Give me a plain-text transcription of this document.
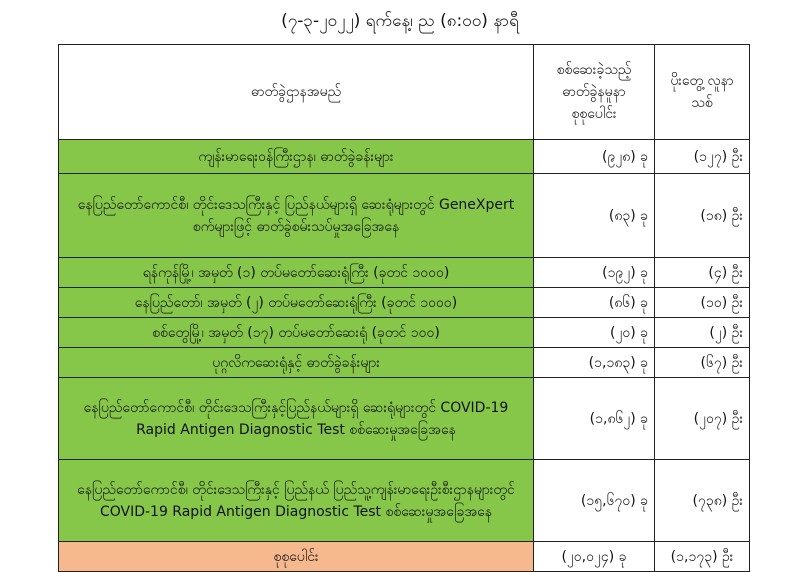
(၇-၃-၂၀၂၂) ရက်နေ့၊ ည (၈:၀၀) နာရီ
ဓာတ်ခွဲဌာနအမည်	စစ်ဆေးခဲ့သည့် ဓာတ်ခွဲနမူနာ စုစုပေါင်း	ပိုးတွေ့ လူနာသစ်
ကျန်းမာရေးဝန်ကြီးဌာန၊ ဓာတ်ခွဲခန်းများ	(၉၂၈) ခု	(၁၂၇) ဦး
နေပြည်တော်ကောင်စီ၊ တိုင်းဒေသကြီးနှင့် ပြည်နယ်များရှိ ဆေးရုံများတွင် GeneXpert စက်များဖြင့် ဓာတ်ခွဲစမ်းသပ်မှုအခြေအနေ	(၈၃) ခု	(၁၈) ဦး
ရန်ကုန်မြို့၊ အမှတ် (၁) တပ်မတော်ဆေးရုံကြီး (ခုတင် ၁၀၀၀)	(၁၉၂) ခု	(၄) ဦး
နေပြည်တော်၊ အမှတ် (၂) တပ်မတော်ဆေးရုံကြီး (ခုတင် ၁၀၀၀)	(၈၆) ခု	(၁၀) ဦး
စစ်တွေမြို့၊ အမှတ် (၁၇) တပ်မတော်ဆေးရုံ (ခုတင် ၁၀၀)	(၂၀) ခု	(၂) ဦး
ပုဂ္ဂလိကဆေးရုံနှင့် ဓာတ်ခွဲခန်းများ	(၁,၁၈၃) ခု	(၆၇) ဦး
နေပြည်တော်ကောင်စီ၊ တိုင်းဒေသကြီးနှင့်ပြည်နယ်များရှိ ဆေးရုံများတွင် COVID-19 Rapid Antigen Diagnostic Test စစ်ဆေးမှုအခြေအနေ	(၁,၈၆၂) ခု	(၂၀၇) ဦး
နေပြည်တော်ကောင်စီ၊ တိုင်းဒေသကြီးနှင့် ပြည်နယ် ပြည်သူ့ကျန်းမာရေးဦးစီးဌာနများတွင် COVID-19 Rapid Antigen Diagnostic Test စစ်ဆေးမှုအခြေအနေ	(၁၅,၆၇၀) ခု	(၇၃၈) ဦး
စုစုပေါင်း	(၂၀,၀၂၄) ခု	(၁,၁၇၃) ဦး
